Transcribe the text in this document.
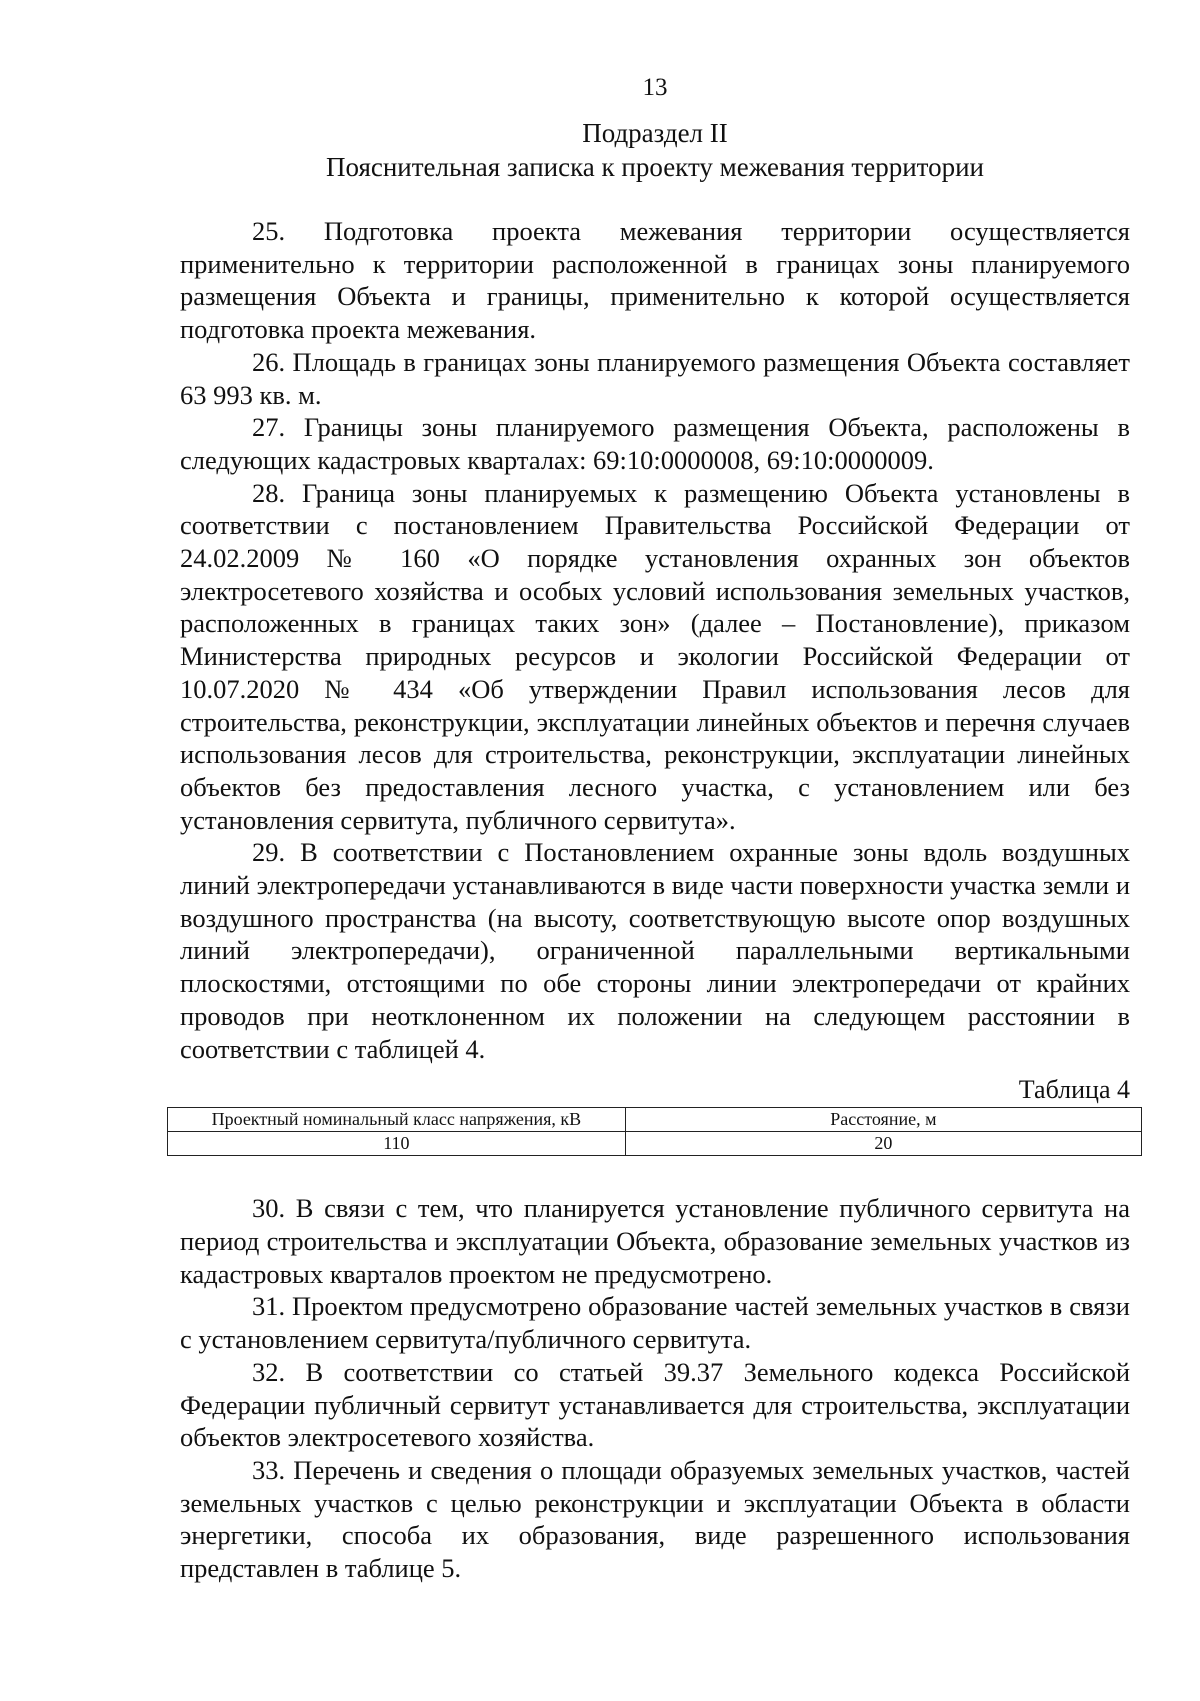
13
Подраздел II
Пояснительная записка к проекту межевания территории

25. Подготовка проекта межевания территории осуществляется применительно к территории расположенной в границах зоны планируемого размещения Объекта и границы, применительно к которой осуществляется подготовка проекта межевания.

26. Площадь в границах зоны планируемого размещения Объекта составляет 63 993 кв. м.

27. Границы зоны планируемого размещения Объекта, расположены в следующих кадастровых кварталах: 69:10:0000008, 69:10:0000009.

28. Граница зоны планируемых к размещению Объекта установлены в соответствии с постановлением Правительства Российской Федерации от 24.02.2009 № 160 «О порядке установления охранных зон объектов электросетевого хозяйства и особых условий использования земельных участков, расположенных в границах таких зон» (далее – Постановление), приказом Министерства природных ресурсов и экологии Российской Федерации от 10.07.2020 № 434 «Об утверждении Правил использования лесов для строительства, реконструкции, эксплуатации линейных объектов и перечня случаев использования лесов для строительства, реконструкции, эксплуатации линейных объектов без предоставления лесного участка, с установлением или без установления сервитута, публичного сервитута».

29. В соответствии с Постановлением охранные зоны вдоль воздушных линий электропередачи устанавливаются в виде части поверхности участка земли и воздушного пространства (на высоту, соответствующую высоте опор воздушных линий электропередачи), ограниченной параллельными вертикальными плоскостями, отстоящими по обе стороны линии электропередачи от крайних проводов при неотклоненном их положении на следующем расстоянии в соответствии с таблицей 4.

Таблица 4
Проектный номинальный класс напряжения, кВ	Расстояние, м
110	20

30. В связи с тем, что планируется установление публичного сервитута на период строительства и эксплуатации Объекта, образование земельных участков из кадастровых кварталов проектом не предусмотрено.

31. Проектом предусмотрено образование частей земельных участков в связи с установлением сервитута/публичного сервитута.

32. В соответствии со статьей 39.37 Земельного кодекса Российской Федерации публичный сервитут устанавливается для строительства, эксплуатации объектов электросетевого хозяйства.

33. Перечень и сведения о площади образуемых земельных участков, частей земельных участков с целью реконструкции и эксплуатации Объекта в области энергетики, способа их образования, виде разрешенного использования представлен в таблице 5.
